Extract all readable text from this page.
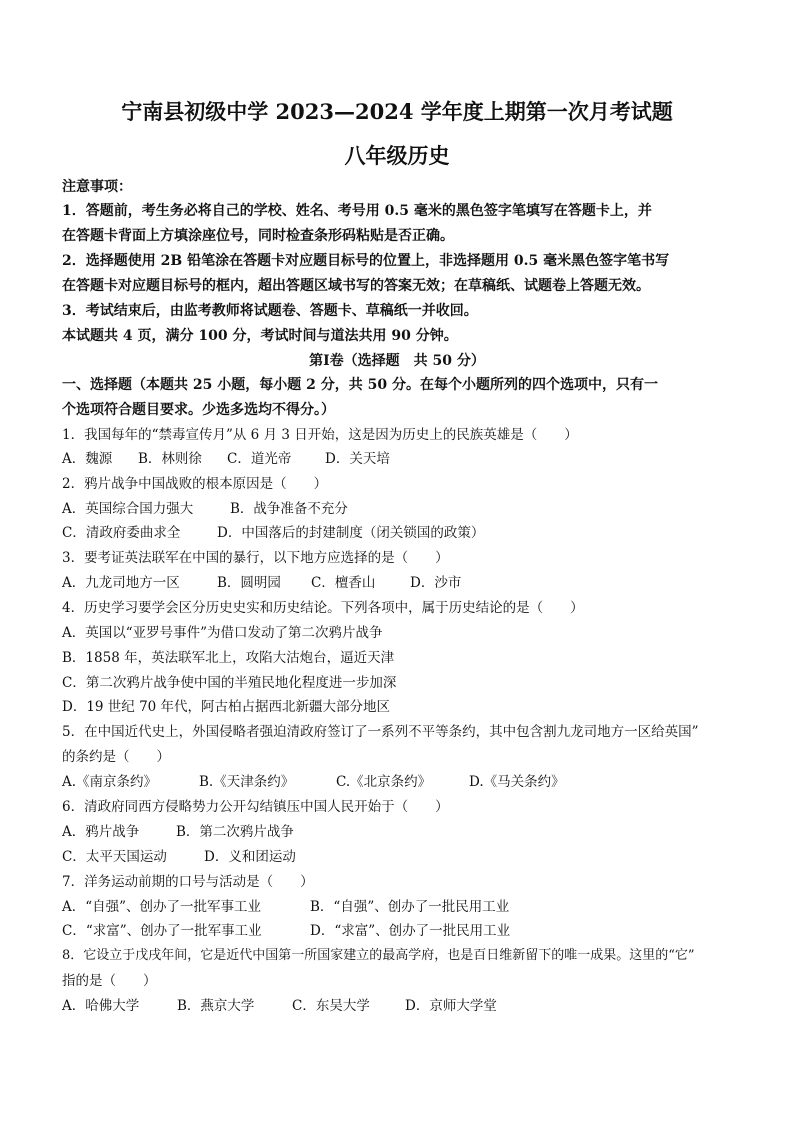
宁南县初级中学 2023—2024 学年度上期第一次月考试题
八年级历史
注意事项：
1．答题前，考生务必将自己的学校、姓名、考号用 0.5 毫米的黑色签字笔填写在答题卡上，并
在答题卡背面上方填涂座位号，同时检查条形码粘贴是否正确。
2．选择题使用 2B 铅笔涂在答题卡对应题目标号的位置上，非选择题用 0.5 毫米黑色签字笔书写
在答题卡对应题目标号的框内，超出答题区域书写的答案无效；在草稿纸、试题卷上答题无效。
3．考试结束后，由监考教师将试题卷、答题卡、草稿纸一并收回。
本试题共 4 页，满分 100 分，考试时间与道法共用 90 分钟。
第Ⅰ卷（选择题　共 50 分）
一、选择题（本题共 25 小题，每小题 2 分，共 50 分。在每个小题所列的四个选项中，只有一
个选项符合题目要求。少选多选均不得分。）
1．我国每年的“禁毒宣传月”从 6 月 3 日开始，这是因为历史上的民族英雄是（　　）
A．魏源 B．林则徐 C．道光帝 D．关天培
2．鸦片战争中国战败的根本原因是（　　）
A．英国综合国力强大	B．战争准备不充分
C．清政府委曲求全	D．中国落后的封建制度（闭关锁国的政策）
3．要考证英法联军在中国的暴行，以下地方应选择的是（　　）
A．九龙司地方一区	B．圆明园 C．檀香山	D．沙市
4．历史学习要学会区分历史史实和历史结论。下列各项中，属于历史结论的是（　　）
A．英国以“亚罗号事件”为借口发动了第二次鸦片战争
B．1858 年，英法联军北上，攻陷大沽炮台，逼近天津
C．第二次鸦片战争使中国的半殖民地化程度进一步加深
D．19 世纪 70 年代，阿古柏占据西北新疆大部分地区
5．在中国近代史上，外国侵略者强迫清政府签订了一系列不平等条约，其中包含割九龙司地方一区给英国”
的条约是（　　）
A.《南京条约》	B.《天津条约》	C.《北京条约》	D.《马关条约》
6．清政府同西方侵略势力公开勾结镇压中国人民开始于（　　）
A．鸦片战争	B．第二次鸦片战争
C．太平天国运动	D．义和团运动
7．洋务运动前期的口号与活动是（　　）
A．“自强”、创办了一批军事工业	B．“自强”、创办了一批民用工业
C．“求富”、创办了一批军事工业	D．“求富”、创办了一批民用工业
8．它设立于戊戌年间，它是近代中国第一所国家建立的最高学府，也是百日维新留下的唯一成果。这里的“它”
指的是（　　）
A．哈佛大学	B．燕京大学	C．东吴大学	D．京师大学堂
